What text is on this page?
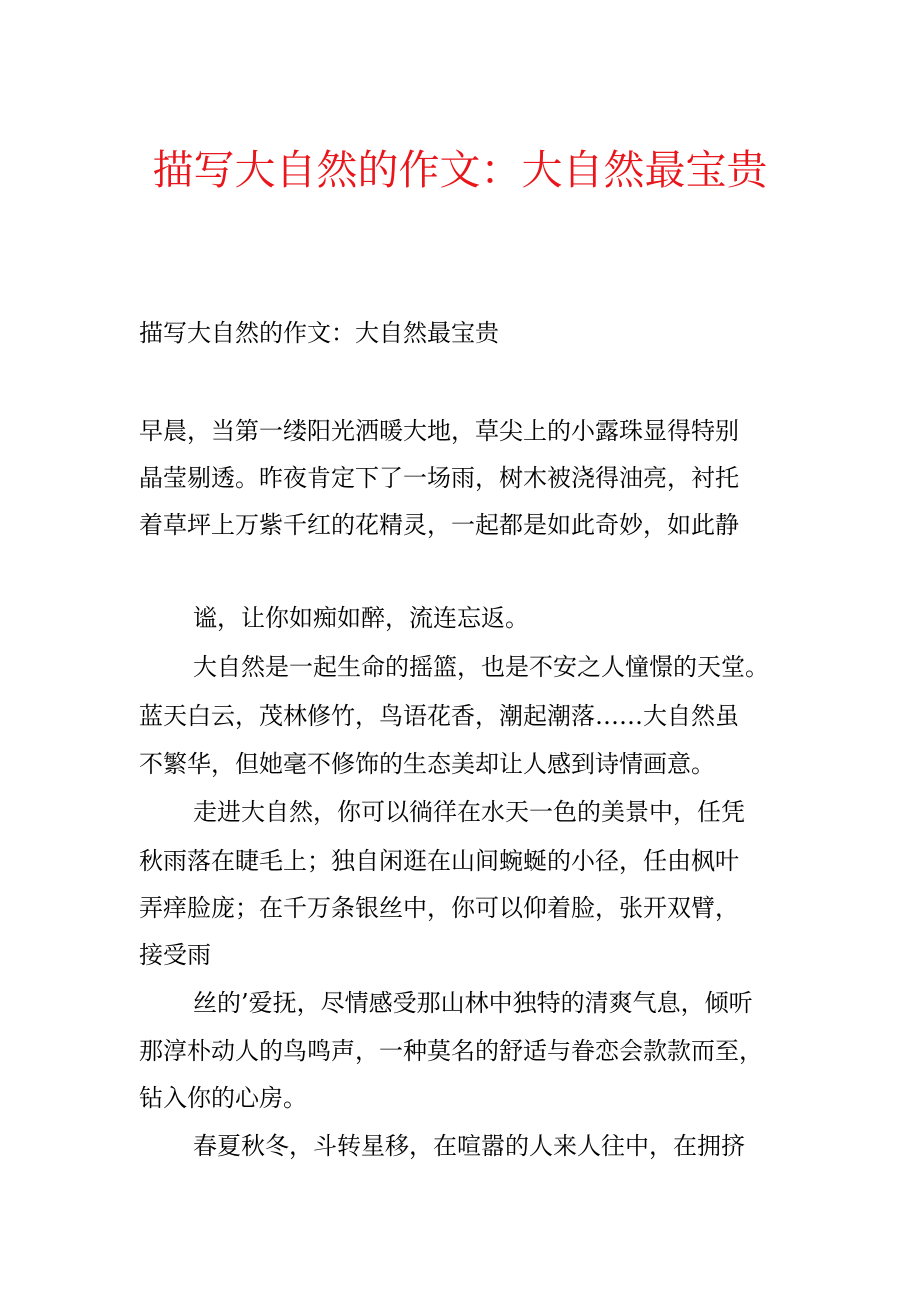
描写大自然的作文：大自然最宝贵
描写大自然的作文：大自然最宝贵
早晨，当第一缕阳光洒暖大地，草尖上的小露珠显得特别
晶莹剔透。昨夜肯定下了一场雨，树木被浇得油亮，衬托
着草坪上万紫千红的花精灵，一起都是如此奇妙，如此静
谧，让你如痴如醉，流连忘返。
大自然是一起生命的摇篮，也是不安之人憧憬的天堂。
蓝天白云，茂林修竹，鸟语花香，潮起潮落……大自然虽
不繁华，但她毫不修饰的生态美却让人感到诗情画意。
走进大自然，你可以徜徉在水天一色的美景中，任凭
秋雨落在睫毛上；独自闲逛在山间蜿蜒的小径，任由枫叶
弄痒脸庞；在千万条银丝中，你可以仰着脸，张开双臂，
接受雨
丝的’爱抚，尽情感受那山林中独特的清爽气息，倾听
那淳朴动人的鸟鸣声，一种莫名的舒适与眷恋会款款而至，
钻入你的心房。
春夏秋冬，斗转星移，在喧嚣的人来人往中，在拥挤
